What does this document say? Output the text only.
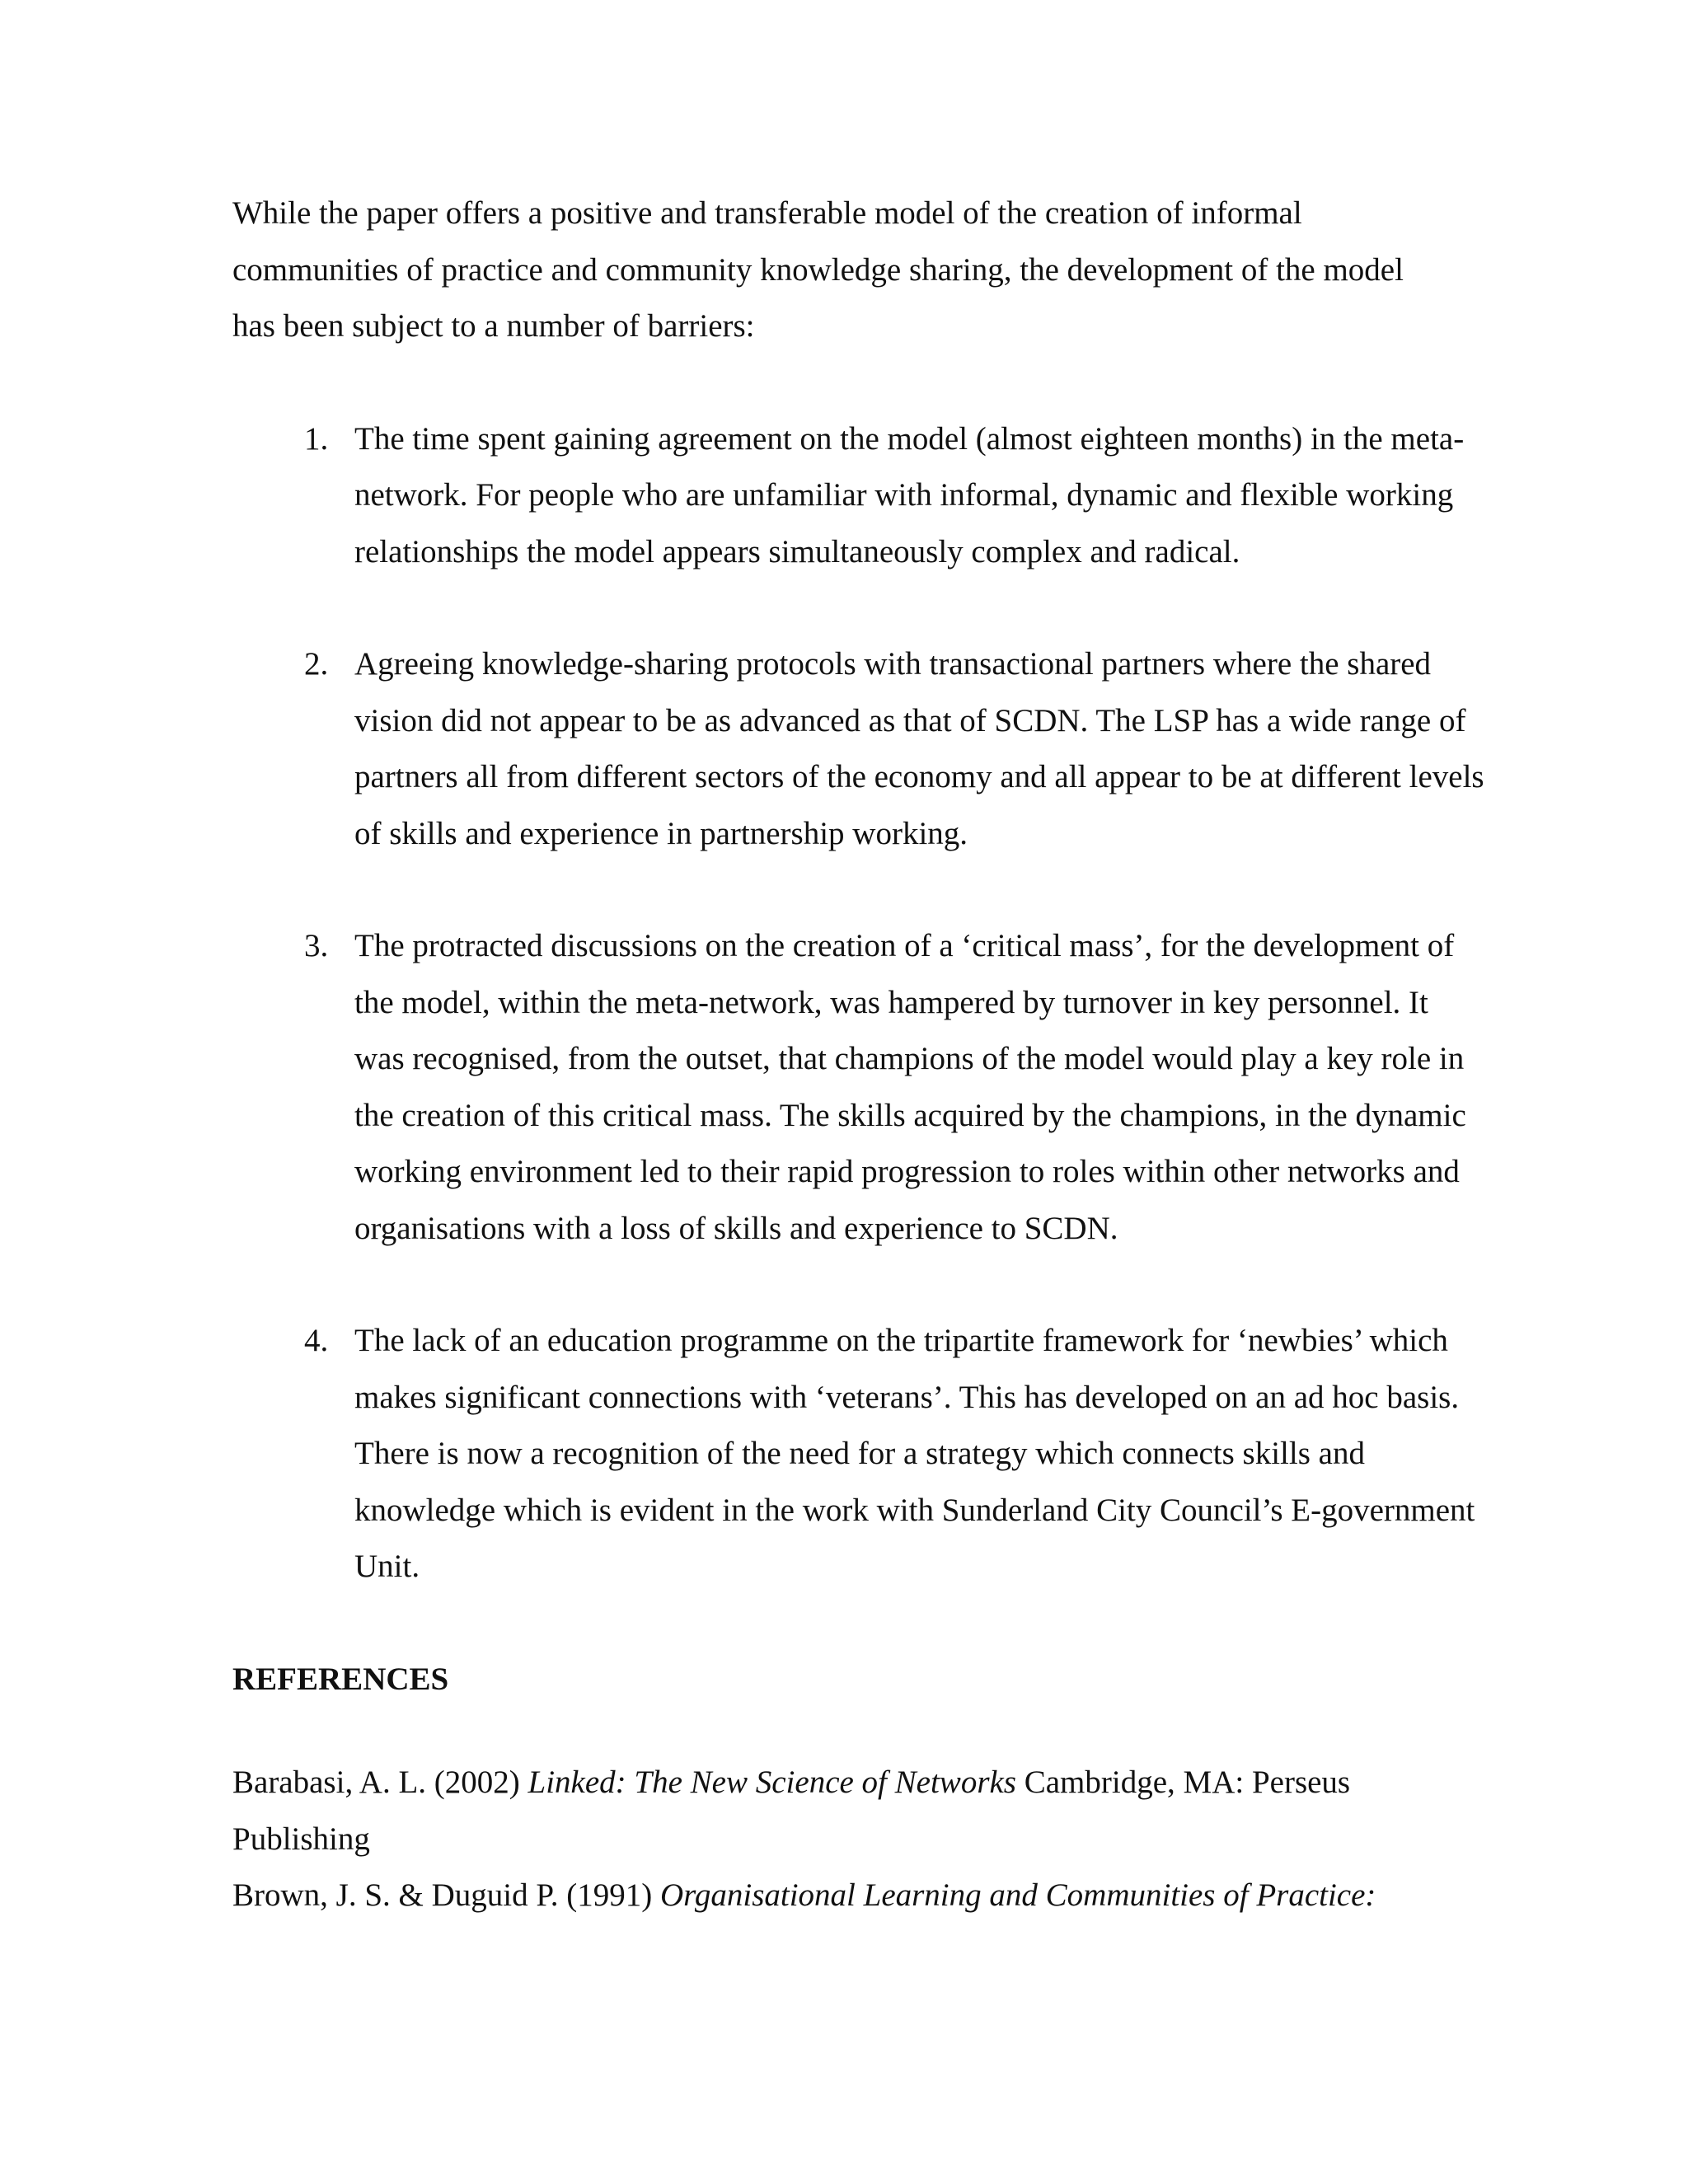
While the paper offers a positive and transferable model of the creation of informal communities of practice and community knowledge sharing, the development of the model has been subject to a number of barriers:

1. The time spent gaining agreement on the model (almost eighteen months) in the meta-network. For people who are unfamiliar with informal, dynamic and flexible working relationships the model appears simultaneously complex and radical.
2. Agreeing knowledge-sharing protocols with transactional partners where the shared vision did not appear to be as advanced as that of SCDN. The LSP has a wide range of partners all from different sectors of the economy and all appear to be at different levels of skills and experience in partnership working.
3. The protracted discussions on the creation of a ‘critical mass’, for the development of the model, within the meta-network, was hampered by turnover in key personnel. It was recognised, from the outset, that champions of the model would play a key role in the creation of this critical mass. The skills acquired by the champions, in the dynamic working environment led to their rapid progression to roles within other networks and organisations with a loss of skills and experience to SCDN.
4. The lack of an education programme on the tripartite framework for ‘newbies’ which makes significant connections with ‘veterans’. This has developed on an ad hoc basis. There is now a recognition of the need for a strategy which connects skills and knowledge which is evident in the work with Sunderland City Council’s E-government Unit.

REFERENCES

Barabasi, A. L. (2002) Linked: The New Science of Networks Cambridge, MA: Perseus Publishing

Brown, J. S. & Duguid P. (1991) Organisational Learning and Communities of Practice:
